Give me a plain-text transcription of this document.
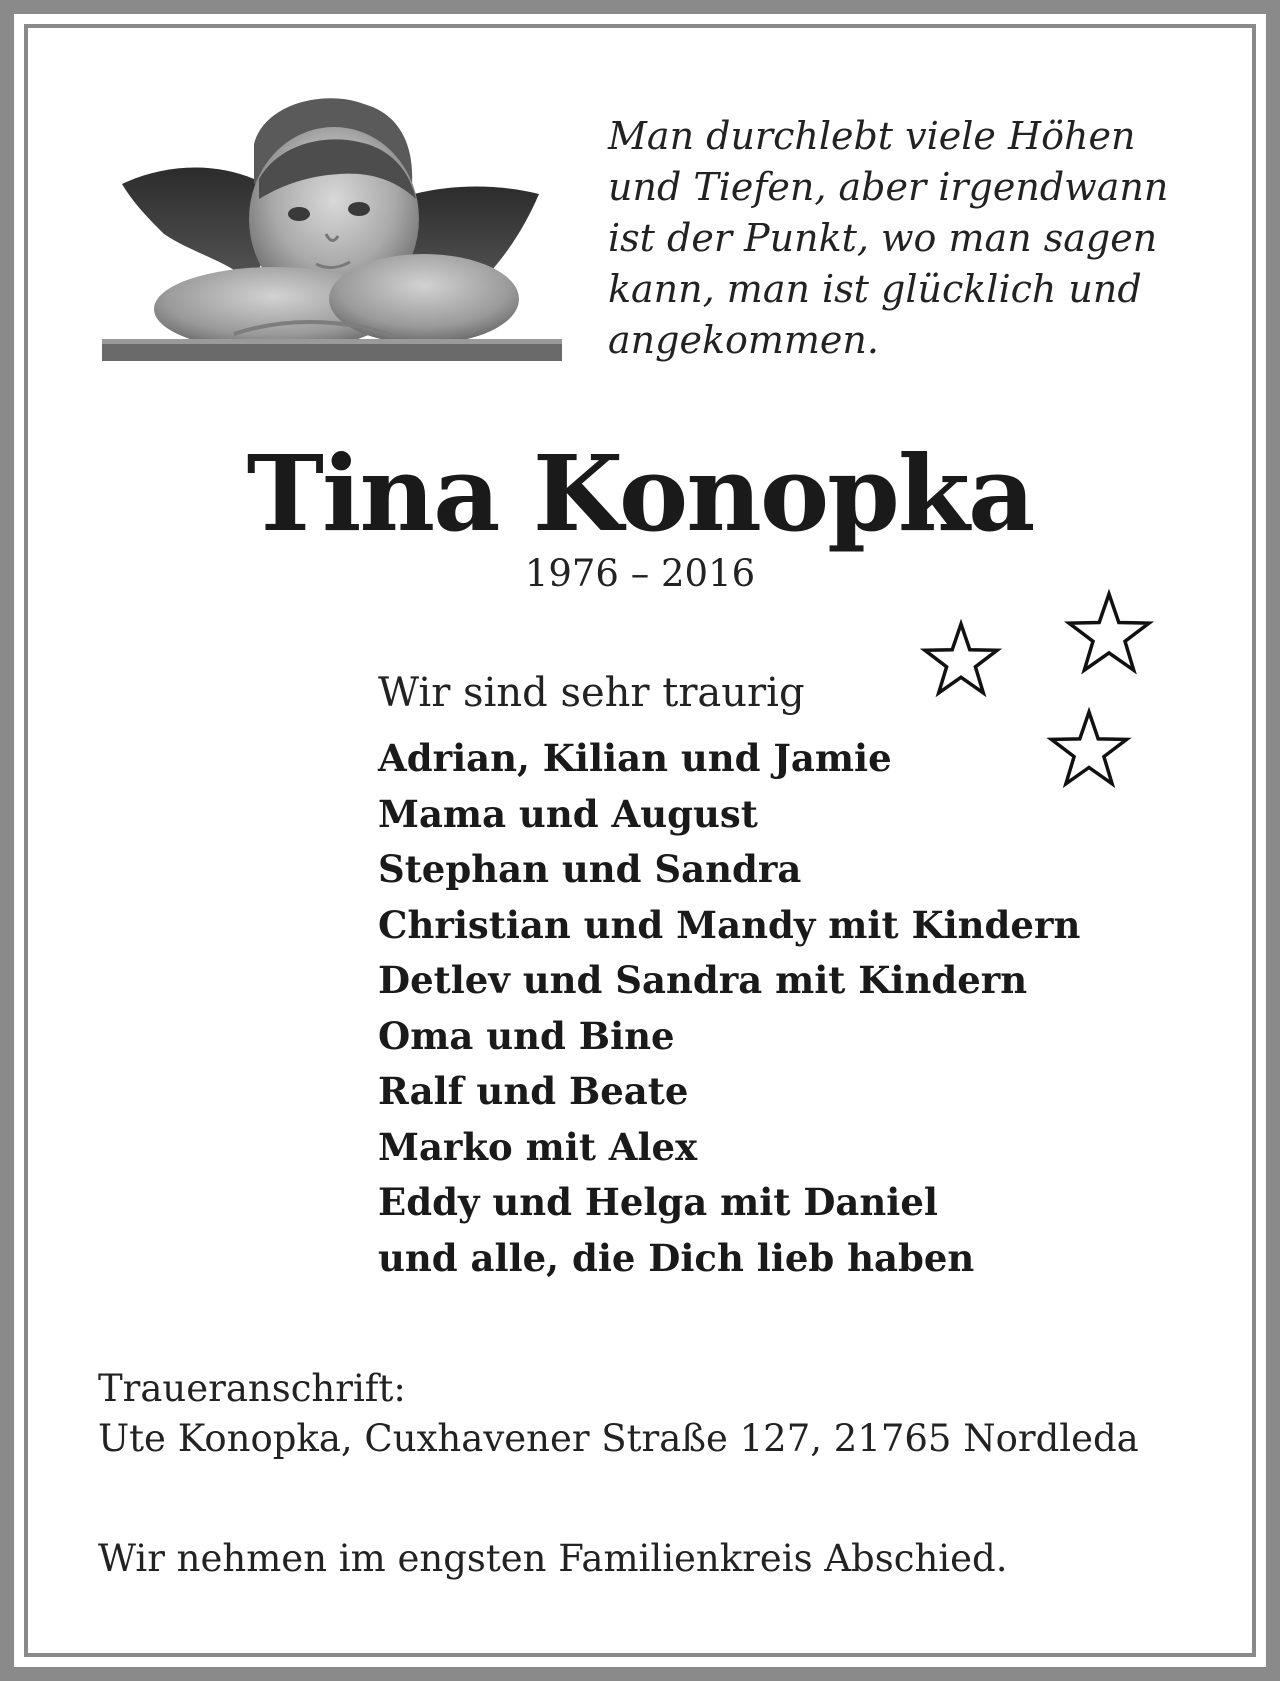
Man durchlebt viele Höhen
und Tiefen, aber irgendwann
ist der Punkt, wo man sagen
kann, man ist glücklich und
angekommen.
Tina Konopka
1976 – 2016
Wir sind sehr traurig
Adrian, Kilian und Jamie
Mama und August
Stephan und Sandra
Christian und Mandy mit Kindern
Detlev und Sandra mit Kindern
Oma und Bine
Ralf und Beate
Marko mit Alex
Eddy und Helga mit Daniel
und alle, die Dich lieb haben
Traueranschrift:
Ute Konopka, Cuxhavener Straße 127, 21765 Nordleda
Wir nehmen im engsten Familienkreis Abschied.
